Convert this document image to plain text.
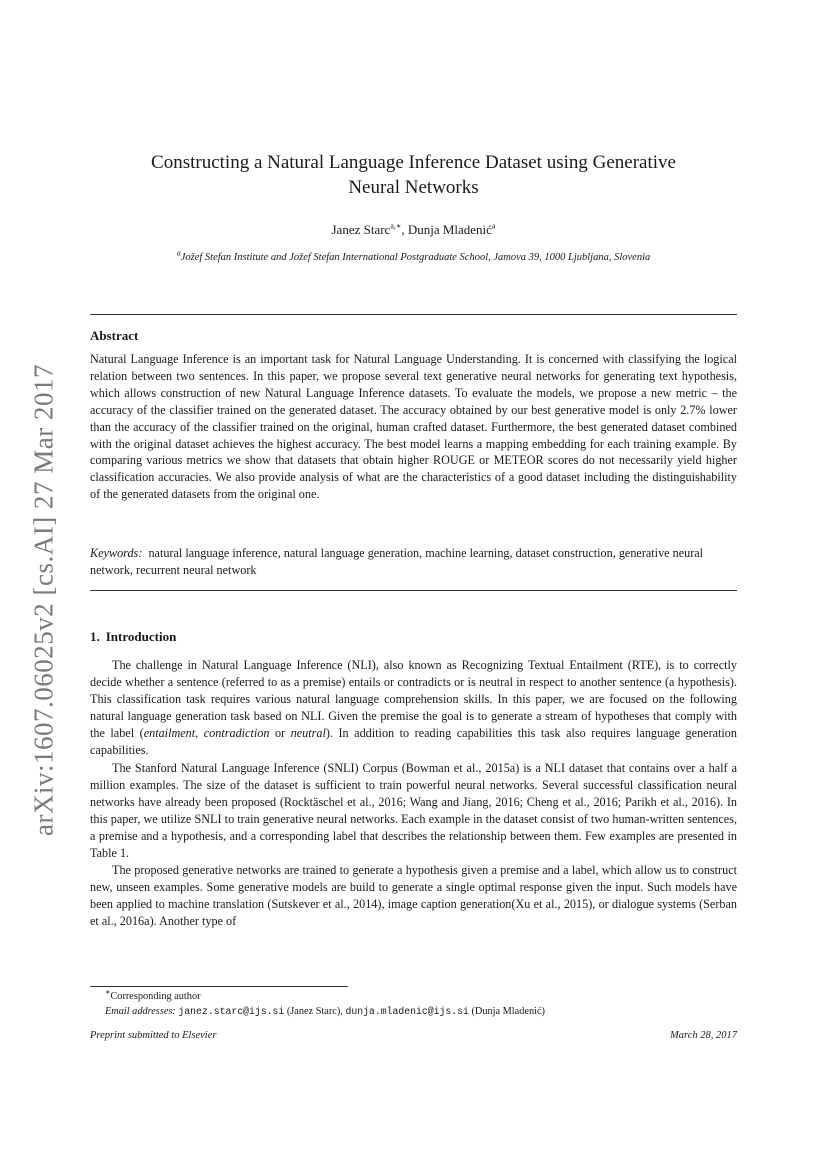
arXiv:1607.06025v2 [cs.AI] 27 Mar 2017
Constructing a Natural Language Inference Dataset using Generative
Neural Networks
Janez Starc$^{a,∗}$, Dunja Mladenić$^a$
$^a$Jožef Stefan Institute and Jožef Stefan International Postgraduate School, Jamova 39, 1000 Ljubljana, Slovenia
Abstract
Natural Language Inference is an important task for Natural Language Understanding. It is concerned with classifying the logical relation between two sentences. In this paper, we propose several text generative neural networks for generating text hypothesis, which allows construction of new Natural Language Inference datasets. To evaluate the models, we propose a new metric – the accuracy of the classifier trained on the generated dataset. The accuracy obtained by our best generative model is only 2.7% lower than the accuracy of the classifier trained on the original, human crafted dataset. Furthermore, the best generated dataset combined with the original dataset achieves the highest accuracy. The best model learns a mapping embedding for each training example. By comparing various metrics we show that datasets that obtain higher ROUGE or METEOR scores do not necessarily yield higher classification accuracies. We also provide analysis of what are the characteristics of a good dataset including the distinguishability of the generated datasets from the original one.
Keywords: natural language inference, natural language generation, machine learning, dataset construction, generative neural network, recurrent neural network
1. Introduction

The challenge in Natural Language Inference (NLI), also known as Recognizing Textual Entailment (RTE), is to correctly decide whether a sentence (referred to as a premise) entails or contradicts or is neutral in respect to another sentence (a hypothesis). This classification task requires various natural language comprehension skills. In this paper, we are focused on the following natural language generation task based on NLI. Given the premise the goal is to generate a stream of hypotheses that comply with the label (entailment, contradiction or neutral). In addition to reading capabilities this task also requires language generation capabilities.

The Stanford Natural Language Inference (SNLI) Corpus (Bowman et al., 2015a) is a NLI dataset that contains over a half a million examples. The size of the dataset is sufficient to train powerful neural networks. Several successful classification neural networks have already been proposed (Rocktäschel et al., 2016; Wang and Jiang, 2016; Cheng et al., 2016; Parikh et al., 2016). In this paper, we utilize SNLI to train generative neural networks. Each example in the dataset consist of two human-written sentences, a premise and a hypothesis, and a corresponding label that describes the relationship between them. Few examples are presented in Table 1.

The proposed generative networks are trained to generate a hypothesis given a premise and a label, which allow us to construct new, unseen examples. Some generative models are build to generate a single optimal response given the input. Such models have been applied to machine translation (Sutskever et al., 2014), image caption generation(Xu et al., 2015), or dialogue systems (Serban et al., 2016a). Another type of

∗Corresponding author
Email addresses: janez.starc@ijs.si (Janez Starc), dunja.mladenic@ijs.si (Dunja Mladenić)
Preprint submitted to Elsevier	March 28, 2017
